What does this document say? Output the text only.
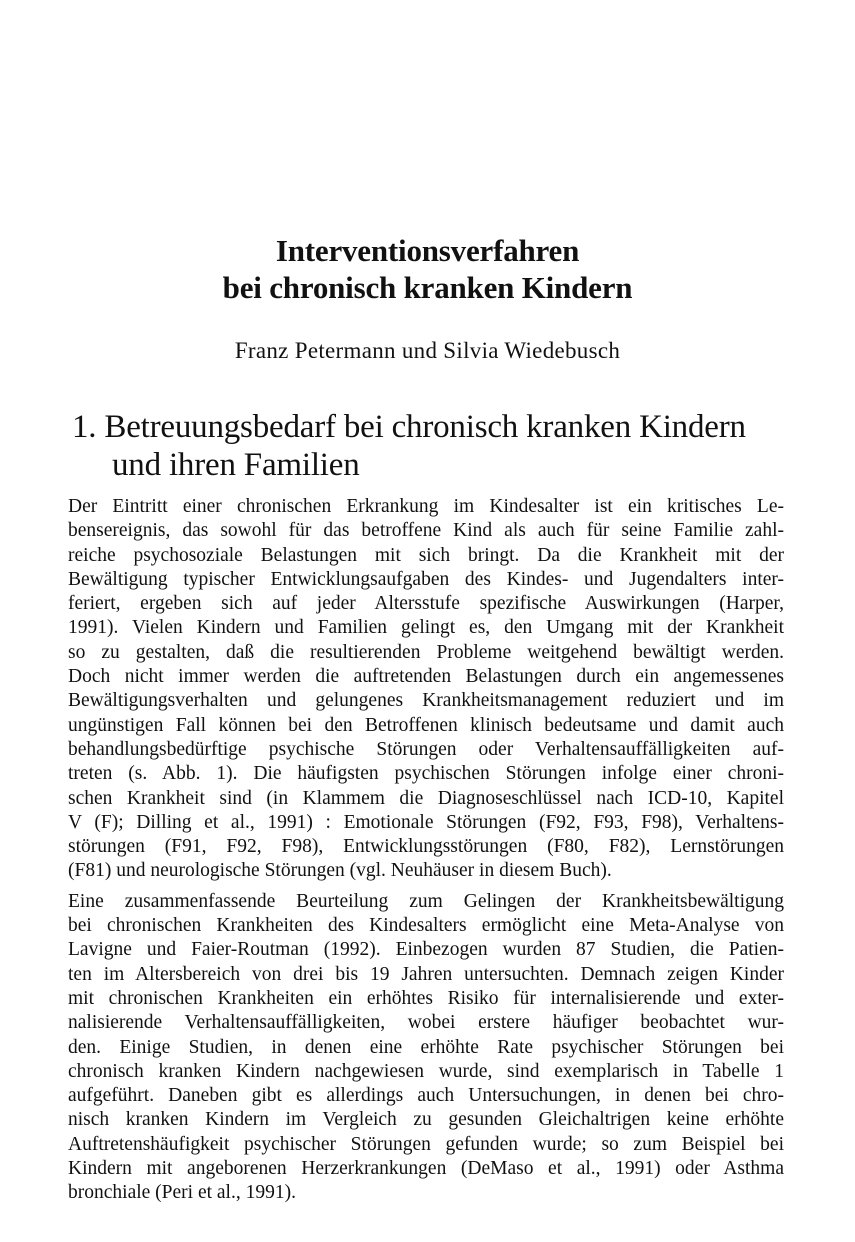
Interventionsverfahren
bei chronisch kranken Kindern
Franz Petermann und Silvia Wiedebusch
1. Betreuungsbedarf bei chronisch kranken Kindern
und ihren Familien
Der Eintritt einer chronischen Erkrankung im Kindesalter ist ein kritisches Le-
bensereignis, das sowohl für das betroffene Kind als auch für seine Familie zahl-
reiche psychosoziale Belastungen mit sich bringt. Da die Krankheit mit der
Bewältigung typischer Entwicklungsaufgaben des Kindes- und Jugendalters inter-
feriert, ergeben sich auf jeder Altersstufe spezifische Auswirkungen (Harper,
1991). Vielen Kindern und Familien gelingt es, den Umgang mit der Krankheit
so zu gestalten, daß die resultierenden Probleme weitgehend bewältigt werden.
Doch nicht immer werden die auftretenden Belastungen durch ein angemessenes
Bewältigungsverhalten und gelungenes Krankheitsmanagement reduziert und im
ungünstigen Fall können bei den Betroffenen klinisch bedeutsame und damit auch
behandlungsbedürftige psychische Störungen oder Verhaltensauffälligkeiten auf-
treten (s. Abb. 1). Die häufigsten psychischen Störungen infolge einer chroni-
schen Krankheit sind (in Klammem die Diagnoseschlüssel nach ICD-10, Kapitel
V (F); Dilling et al., 1991) : Emotionale Störungen (F92, F93, F98), Verhaltens-
störungen (F91, F92, F98), Entwicklungsstörungen (F80, F82), Lernstörungen
(F81) und neurologische Störungen (vgl. Neuhäuser in diesem Buch).
Eine zusammenfassende Beurteilung zum Gelingen der Krankheitsbewältigung
bei chronischen Krankheiten des Kindesalters ermöglicht eine Meta-Analyse von
Lavigne und Faier-Routman (1992). Einbezogen wurden 87 Studien, die Patien-
ten im Altersbereich von drei bis 19 Jahren untersuchten. Demnach zeigen Kinder
mit chronischen Krankheiten ein erhöhtes Risiko für internalisierende und exter-
nalisierende Verhaltensauffälligkeiten, wobei erstere häufiger beobachtet wur-
den. Einige Studien, in denen eine erhöhte Rate psychischer Störungen bei
chronisch kranken Kindern nachgewiesen wurde, sind exemplarisch in Tabelle 1
aufgeführt. Daneben gibt es allerdings auch Untersuchungen, in denen bei chro-
nisch kranken Kindern im Vergleich zu gesunden Gleichaltrigen keine erhöhte
Auftretenshäufigkeit psychischer Störungen gefunden wurde; so zum Beispiel bei
Kindern mit angeborenen Herzerkrankungen (DeMaso et al., 1991) oder Asthma
bronchiale (Peri et al., 1991).
